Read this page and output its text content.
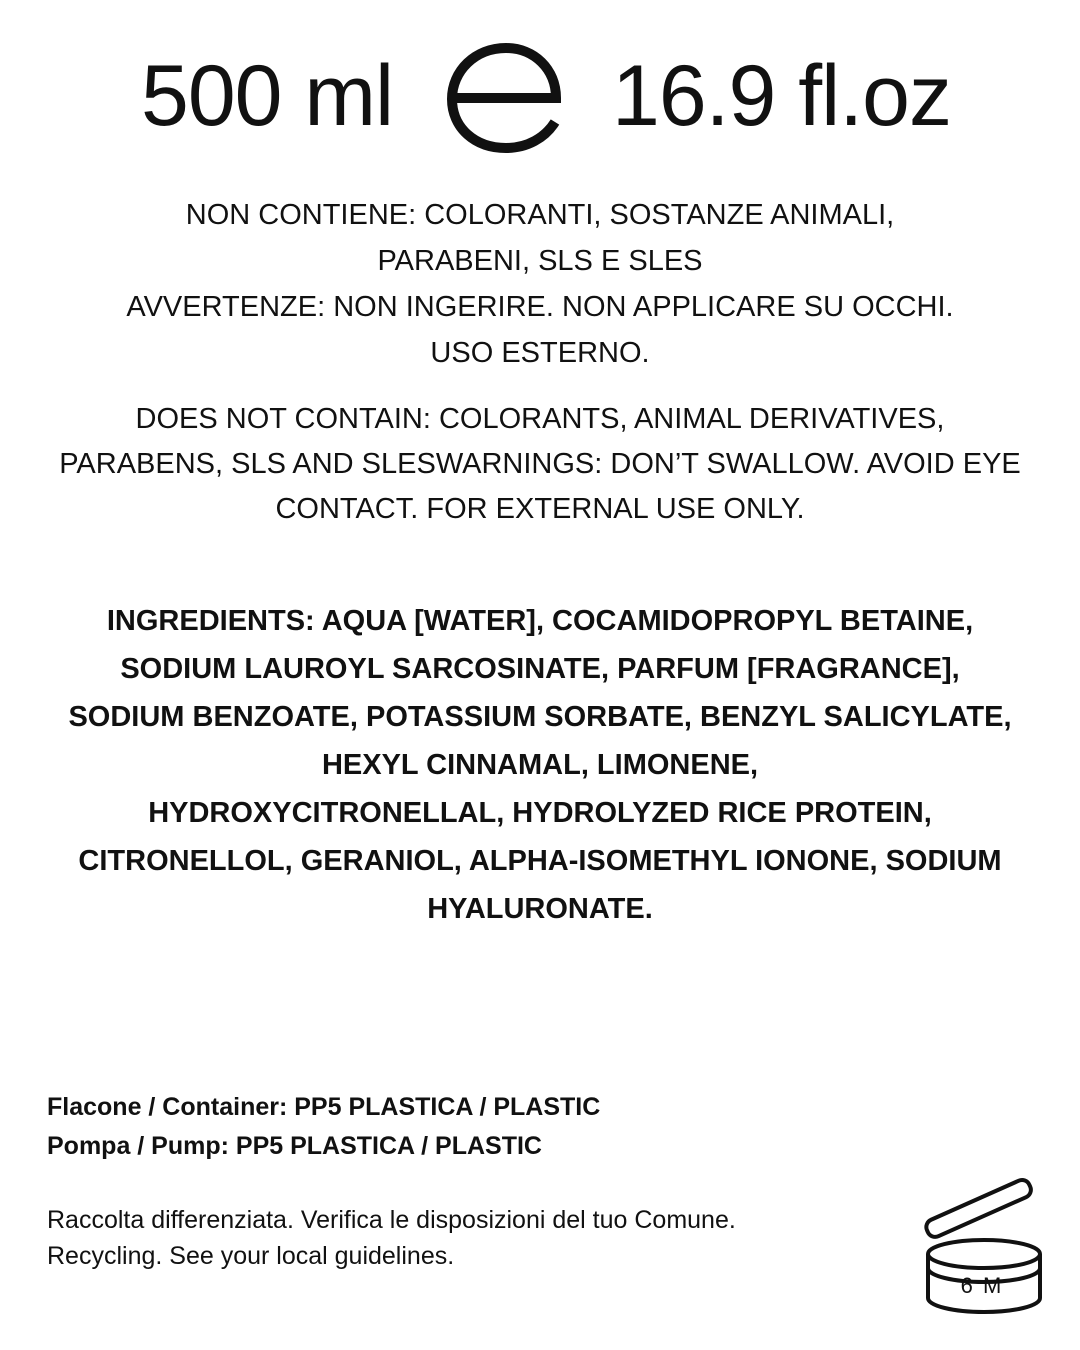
500 ml	16.9 fl.oz

NON CONTIENE: COLORANTI, SOSTANZE ANIMALI,

PARABENI, SLS E SLES

AVVERTENZE: NON INGERIRE. NON APPLICARE SU OCCHI.

USO ESTERNO.

DOES NOT CONTAIN: COLORANTS, ANIMAL DERIVATIVES,

PARABENS, SLS AND SLESWARNINGS: DON’T SWALLOW. AVOID EYE

CONTACT. FOR EXTERNAL USE ONLY.

INGREDIENTS: AQUA [WATER], COCAMIDOPROPYL BETAINE,

SODIUM LAUROYL SARCOSINATE, PARFUM [FRAGRANCE],

SODIUM BENZOATE, POTASSIUM SORBATE, BENZYL SALICYLATE,

HEXYL CINNAMAL, LIMONENE,

HYDROXYCITRONELLAL, HYDROLYZED RICE PROTEIN,

CITRONELLOL, GERANIOL, ALPHA-ISOMETHYL IONONE, SODIUM

HYALURONATE.

Flacone / Container: PP5 PLASTICA / PLASTIC

Pompa / Pump: PP5 PLASTICA / PLASTIC

Raccolta differenziata. Verifica le disposizioni del tuo Comune.

Recycling. See your local guidelines.

6 M
